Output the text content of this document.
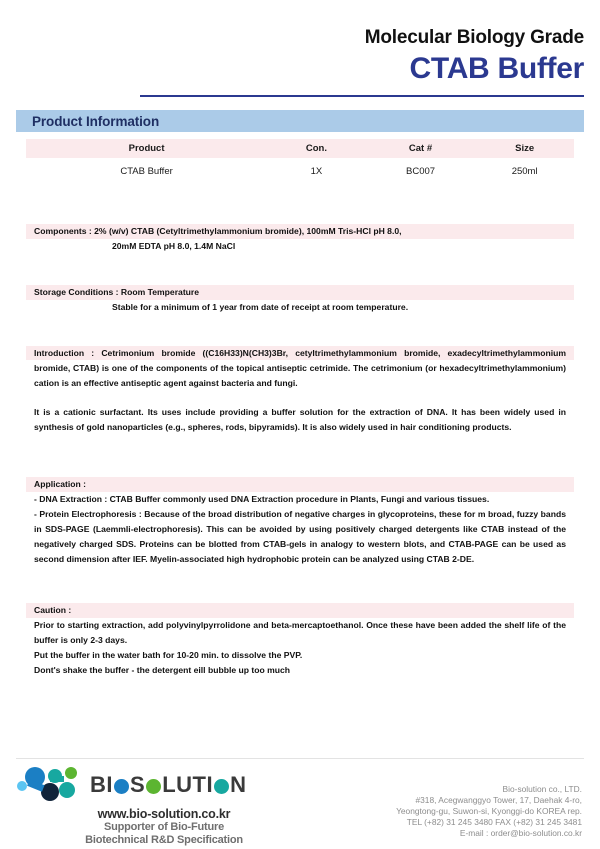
Molecular Biology Grade
CTAB Buffer
Product Information
Product	Con.	Cat #	Size
CTAB Buffer	1X	BC007	250ml
Components : 2% (w/v) CTAB (Cetyltrimethylammonium bromide), 100mM Tris-HCl pH 8.0,
20mM EDTA pH 8.0, 1.4M NaCl
Storage Conditions : Room Temperature
Stable for a minimum of 1 year from date of receipt at room temperature.
Introduction : Cetrimonium bromide ((C16H33)N(CH3)3Br, cetyltrimethylammonium bromide, exadecyltrimethylammonium bromide, CTAB) is one of the components of the topical antiseptic cetrimide. The cetrimonium (or hexadecyltrimethylammonium) cation is an effective antiseptic agent against bacteria and fungi.
It is a cationic surfactant. Its uses include providing a buffer solution for the extraction of DNA. It has been widely used in synthesis of gold nanoparticles (e.g., spheres, rods, bipyramids). It is also widely used in hair conditioning products.
Application :
- DNA Extraction : CTAB Buffer commonly used DNA Extraction procedure in Plants, Fungi and various tissues.
- Protein Electrophoresis : Because of the broad distribution of negative charges in glycoproteins, these for m broad, fuzzy bands in SDS-PAGE (Laemmli-electrophoresis). This can be avoided by using positively charged detergents like CTAB instead of the negatively charged SDS. Proteins can be blotted from CTAB-gels in analogy to western blots, and CTAB-PAGE can be used as second dimension after IEF. Myelin-associated high hydrophobic protein can be analyzed using CTAB 2-DE.
Caution :
Prior to starting extraction, add polyvinylpyrrolidone and beta-mercaptoethanol. Once these have been added the shelf life of the buffer is only 2-3 days.
Put the buffer in the water bath for 10-20 min. to dissolve the PVP.
Dont's shake the buffer - the detergent eill bubble up too much
B I S LUTI N
www.bio-solution.co.kr
Supporter of Bio-Future
Biotechnical R&D Specification
Bio-solution co., LTD.
#318, Acegwanggyo Tower, 17, Daehak 4-ro,
Yeongtong-gu, Suwon-si, Kyonggi-do KOREA rep.
TEL (+82) 31 245 3480 FAX (+82) 31 245 3481
E-mail : order@bio-solution.co.kr
